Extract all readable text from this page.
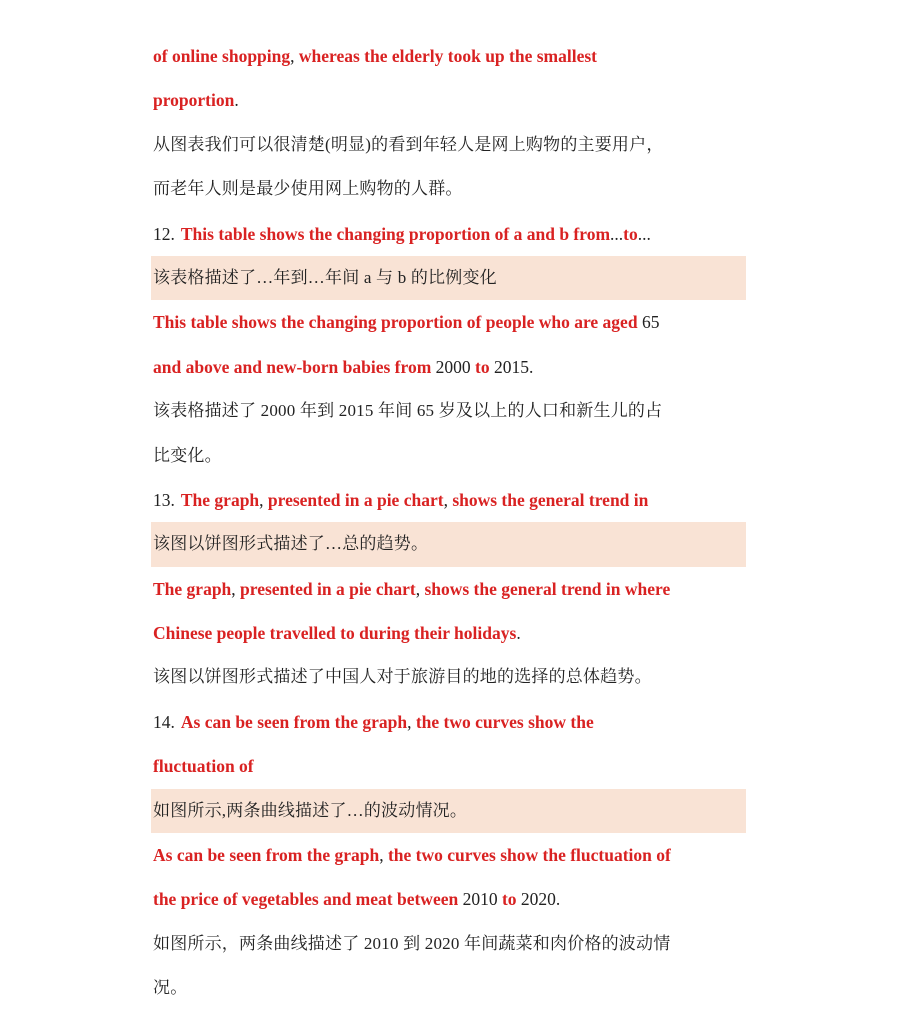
of online shopping, whereas the elderly took up the smallest
proportion.
从图表我们可以很清楚(明显)的看到年轻人是网上购物的主要用户，
而老年人则是最少使用网上购物的人群。
12. This table shows the changing proportion of a and b from...to...
该表格描述了…年到…年间 a 与 b 的比例变化
This table shows the changing proportion of people who are aged 65
and above and new-born babies from 2000 to 2015.
该表格描述了 2000 年到 2015 年间 65 岁及以上的人口和新生儿的占
比变化。
13. The graph, presented in a pie chart, shows the general trend in
该图以饼图形式描述了…总的趋势。
The graph, presented in a pie chart, shows the general trend in where
Chinese people travelled to during their holidays.
该图以饼图形式描述了中国人对于旅游目的地的选择的总体趋势。
14. As can be seen from the graph, the two curves show the
fluctuation of
如图所示,两条曲线描述了…的波动情况。
As can be seen from the graph, the two curves show the fluctuation of
the price of vegetables and meat between 2010 to 2020.
如图所示，两条曲线描述了 2010 到 2020 年间蔬菜和肉价格的波动情
况。
